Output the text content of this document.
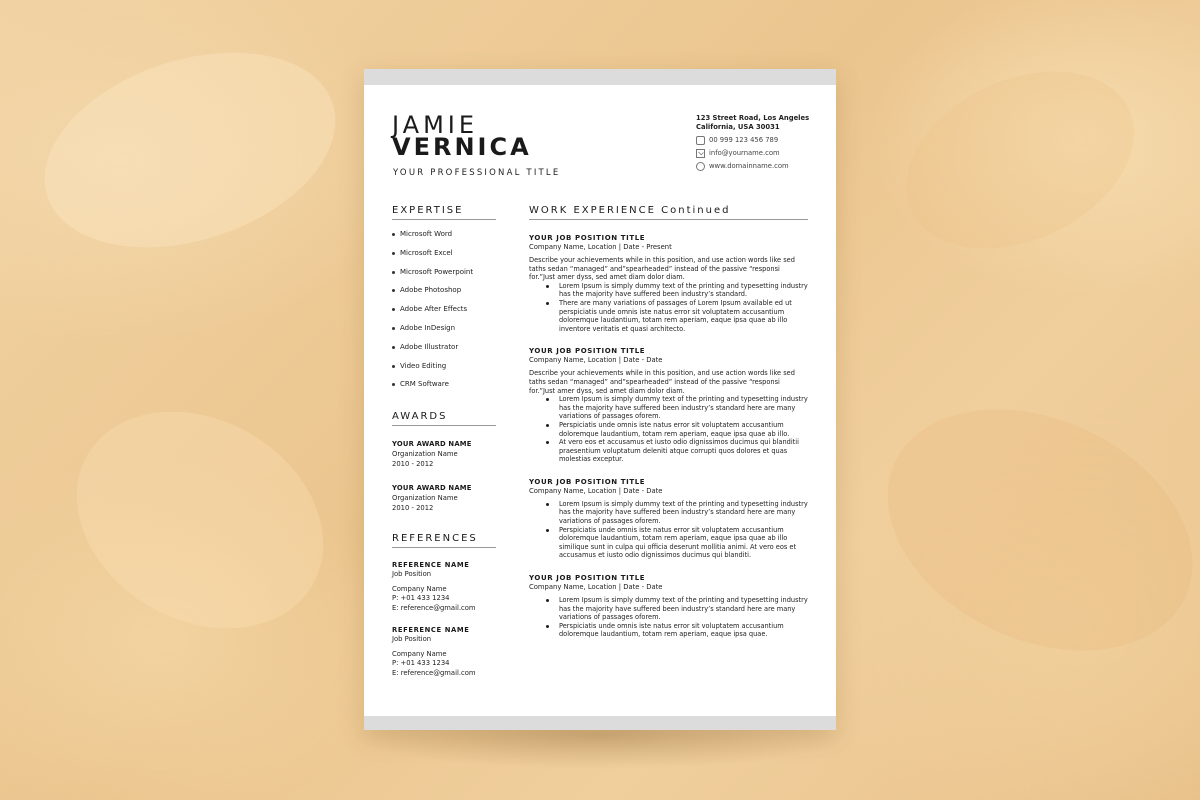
JAMIE
VERNICA
YOUR PROFESSIONAL TITLE
123 Street Road, Los Angeles
California, USA 30031
00 999 123 456 789
info@yourname.com
www.domainname.com
EXPERTISE
Microsoft Word
Microsoft Excel
Microsoft Powerpoint
Adobe Photoshop
Adobe After Effects
Adobe InDesign
Adobe Illustrator
Video Editing
CRM Software
AWARDS
YOUR AWARD NAME
Organization Name
2010 - 2012
YOUR AWARD NAME
Organization Name
2010 - 2012
REFERENCES
REFERENCE NAME
Job Position
Company Name
P: +01 433 1234
E: reference@gmail.com
REFERENCE NAME
Job Position
Company Name
P: +01 433 1234
E: reference@gmail.com
WORK EXPERIENCE Continued
YOUR JOB POSITION TITLE
Company Name, Location | Date - Present
Describe your achievements while in this position, and use action words like sed taths sedan “managed” and”spearheaded” instead of the passive “responsi for.”Just amer dyss, sed amet diam dolor diam.
Lorem Ipsum is simply dummy text of the printing and typesetting industry has the majority have suffered been industry’s standard.
There are many variations of passages of Lorem Ipsum available ed ut perspiciatis unde omnis iste natus error sit voluptatem accusantium doloremque laudantium, totam rem aperiam, eaque ipsa quae ab illo inventore veritatis et quasi architecto.
YOUR JOB POSITION TITLE
Company Name, Location | Date - Date
Describe your achievements while in this position, and use action words like sed taths sedan “managed” and”spearheaded” instead of the passive “responsi for.”Just amer dyss, sed amet diam dolor diam.
Lorem Ipsum is simply dummy text of the printing and typesetting industry has the majority have suffered been industry’s standard here are many variations of passages oforem.
Perspiciatis unde omnis iste natus error sit voluptatem accusantium doloremque laudantium, totam rem aperiam, eaque ipsa quae ab illo.
At vero eos et accusamus et iusto odio dignissimos ducimus qui blanditii praesentium voluptatum deleniti atque corrupti quos dolores et quas molestias exceptur.
YOUR JOB POSITION TITLE
Company Name, Location | Date - Date
Lorem Ipsum is simply dummy text of the printing and typesetting industry has the majority have suffered been industry’s standard here are many variations of passages oforem.
Perspiciatis unde omnis iste natus error sit voluptatem accusantium doloremque laudantium, totam rem aperiam, eaque ipsa quae ab illo similique sunt in culpa qui officia deserunt mollitia animi. At vero eos et accusamus et iusto odio dignissimos ducimus qui blanditi.
YOUR JOB POSITION TITLE
Company Name, Location | Date - Date
Lorem Ipsum is simply dummy text of the printing and typesetting industry has the majority have suffered been industry’s standard here are many variations of passages oforem.
Perspiciatis unde omnis iste natus error sit voluptatem accusantium doloremque laudantium, totam rem aperiam, eaque ipsa quae.
